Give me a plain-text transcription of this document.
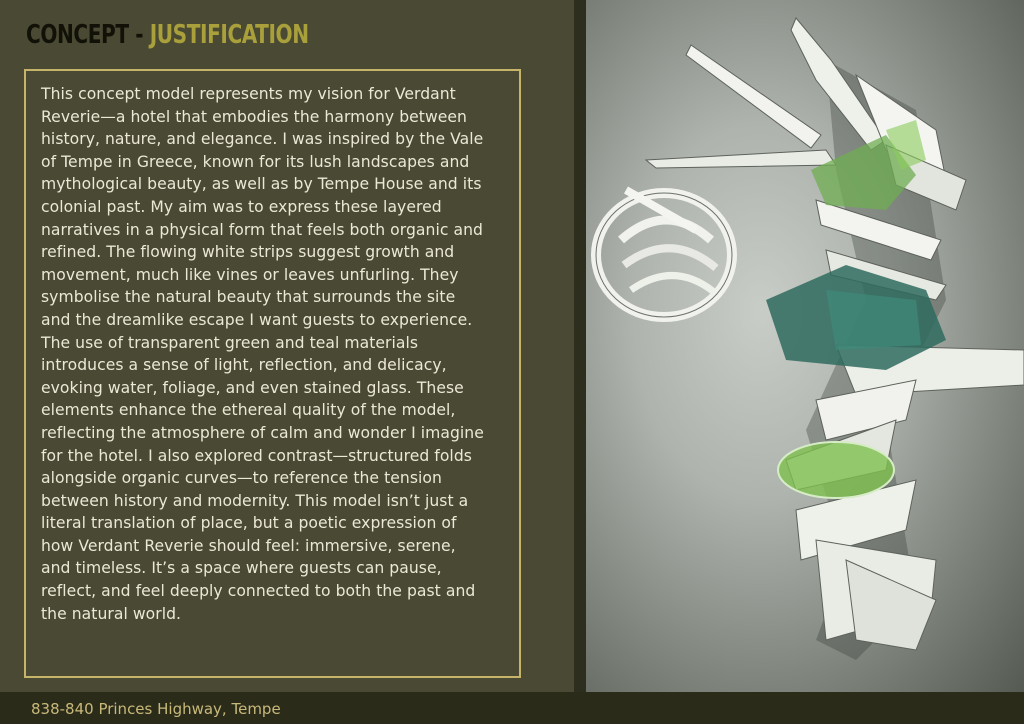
CONCEPT - JUSTIFICATION

This concept model represents my vision for Verdant
Reverie—a hotel that embodies the harmony between
history, nature, and elegance. I was inspired by the Vale
of Tempe in Greece, known for its lush landscapes and
mythological beauty, as well as by Tempe House and its
colonial past. My aim was to express these layered
narratives in a physical form that feels both organic and
refined. The flowing white strips suggest growth and
movement, much like vines or leaves unfurling. They
symbolise the natural beauty that surrounds the site
and the dreamlike escape I want guests to experience.
The use of transparent green and teal materials
introduces a sense of light, reflection, and delicacy,
evoking water, foliage, and even stained glass. These
elements enhance the ethereal quality of the model,
reflecting the atmosphere of calm and wonder I imagine
for the hotel. I also explored contrast—structured folds
alongside organic curves—to reference the tension
between history and modernity. This model isn’t just a
literal translation of place, but a poetic expression of
how Verdant Reverie should feel: immersive, serene,
and timeless. It’s a space where guests can pause,
reflect, and feel deeply connected to both the past and
the natural world.

838-840 Princes Highway, Tempe
